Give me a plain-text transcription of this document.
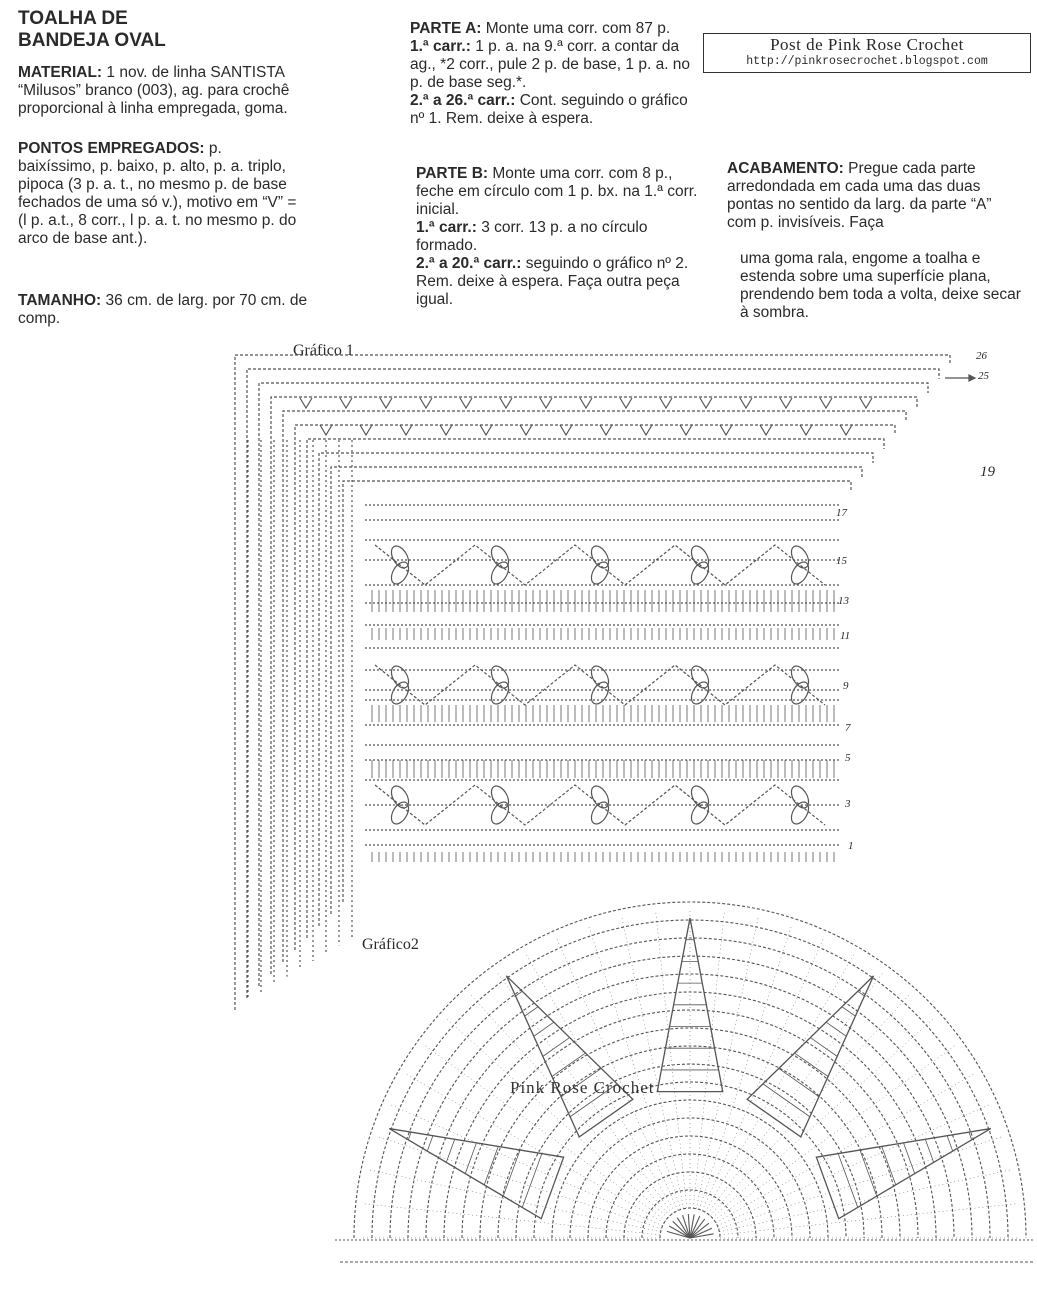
TOALHA DE
BANDEJA OVAL
MATERIAL: 1 nov. de linha SANTISTA “Milusos” branco (003), ag. para crochê proporcional à linha empregada, goma.
PONTOS EMPREGADOS: p. baixíssimo, p. baixo, p. alto, p. a. triplo, pipoca (3 p. a. t., no mesmo p. de base fechados de uma só v.), motivo em “V” = (l p. a.t., 8 corr., l p. a. t. no mesmo p. do arco de base ant.).
TAMANHO: 36 cm. de larg. por 70 cm. de comp.
PARTE A: Monte uma corr. com 87 p.
1.ª carr.: 1 p. a. na 9.ª corr. a contar da ag., *2 corr., pule 2 p. de base, 1 p. a. no p. de base seg.*.
2.ª a 26.ª carr.: Cont. seguindo o gráfico nº 1. Rem. deixe à espera.
PARTE B: Monte uma corr. com 8 p., feche em círculo com 1 p. bx. na 1.ª corr. inicial.
1.ª carr.: 3 corr. 13 p. a no círculo formado.
2.ª a 20.ª carr.: seguindo o gráfico nº 2. Rem. deixe à espera. Faça outra peça igual.
ACABAMENTO: Pregue cada parte arredondada em cada uma das duas pontas no sentido da larg. da parte “A” com p. invisíveis. Faça
uma goma rala, engome a toalha e estenda sobre uma superfície plana, prendendo bem toda a volta, deixe secar à sombra.
Post de Pink Rose Crochet
http://pinkrosecrochet.blogspot.com
Gráfico 1
Gráfico2
1
3
5
7
9
11
13
15
17
19
25
26
Pink Rose Crochet
